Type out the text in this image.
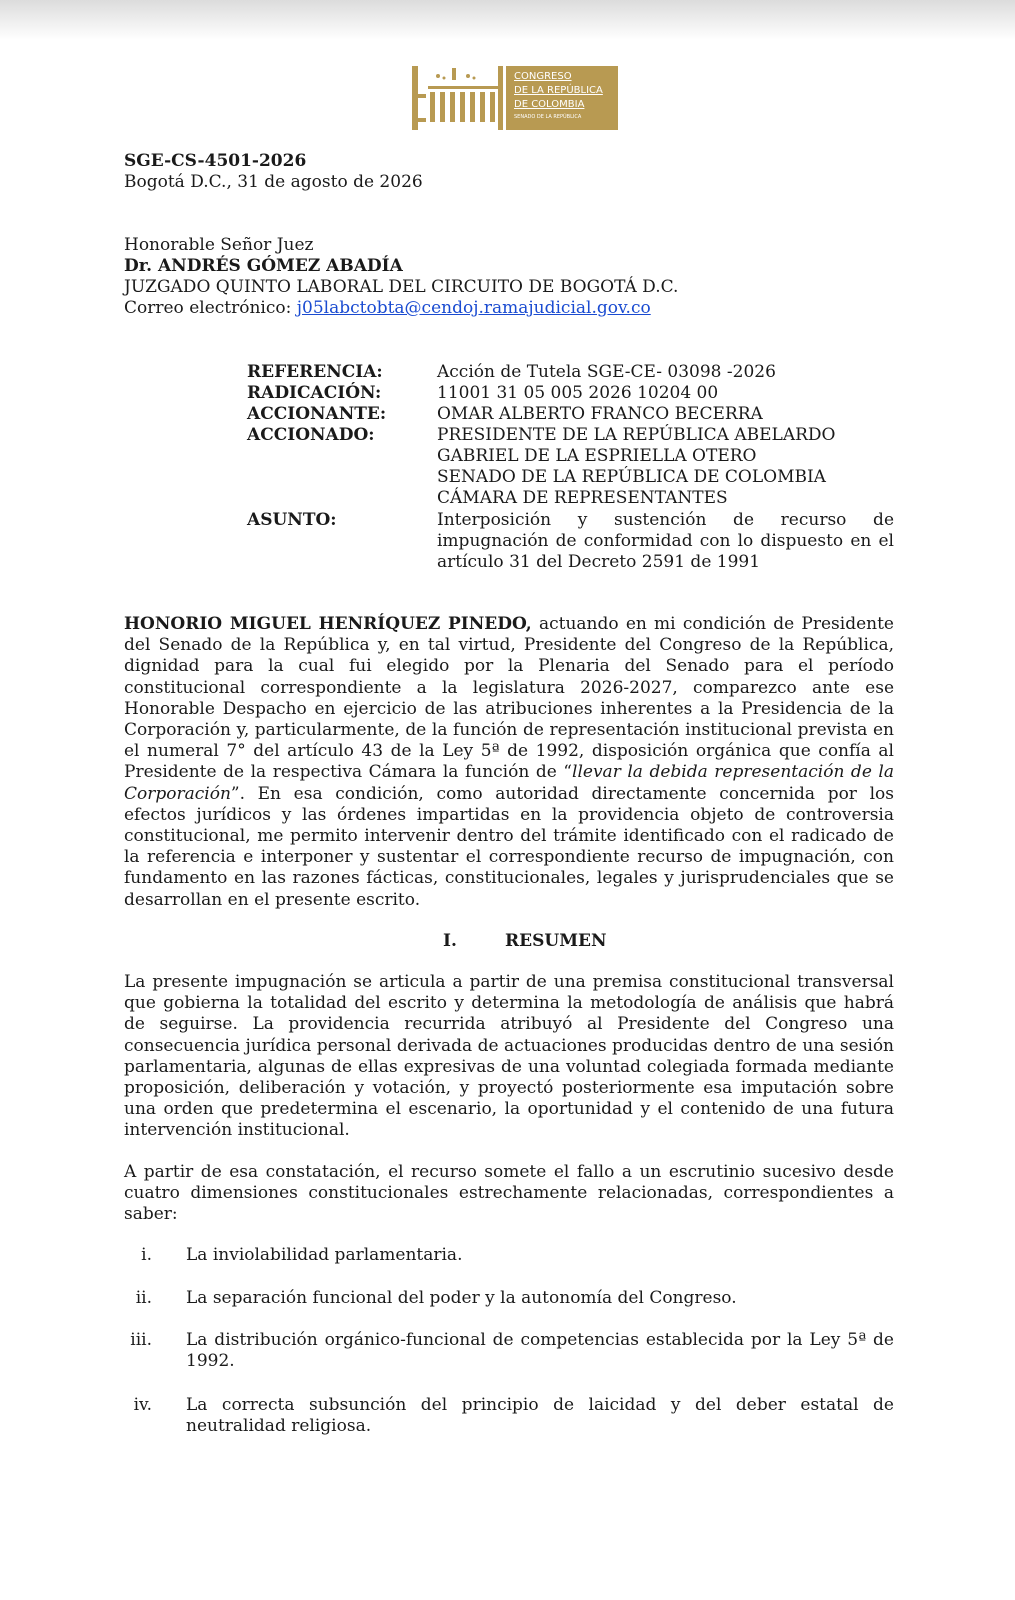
CONGRESO
DE LA REPÚBLICA
DE COLOMBIA
SENADO DE LA REPÚBLICA
SGE-CS-4501-2026
Bogotá D.C., 31 de agosto de 2026
Honorable Señor Juez
Dr. ANDRÉS GÓMEZ ABADÍA
JUZGADO QUINTO LABORAL DEL CIRCUITO DE BOGOTÁ D.C.
Correo electrónico: j05labctobta@cendoj.ramajudicial.gov.co
REFERENCIA:	Acción de Tutela SGE-CE- 03098 -2026
RADICACIÓN:	11001 31 05 005 2026 10204 00
ACCIONANTE:	OMAR ALBERTO FRANCO BECERRA
ACCIONADO:	PRESIDENTE DE LA REPÚBLICA ABELARDO
GABRIEL DE LA ESPRIELLA OTERO
SENADO DE LA REPÚBLICA DE COLOMBIA
CÁMARA DE REPRESENTANTES
ASUNTO:	Interposición y sustención de recurso de impugnación de conformidad con lo dispuesto en el artículo 31 del Decreto 2591 de 1991
HONORIO MIGUEL HENRÍQUEZ PINEDO, actuando en mi condición de Presidente del Senado de la República y, en tal virtud, Presidente del Congreso de la República, dignidad para la cual fui elegido por la Plenaria del Senado para el período constitucional correspondiente a la legislatura 2026-2027, comparezco ante ese Honorable Despacho en ejercicio de las atribuciones inherentes a la Presidencia de la Corporación y, particularmente, de la función de representación institucional prevista en el numeral 7° del artículo 43 de la Ley 5ª de 1992, disposición orgánica que confía al Presidente de la respectiva Cámara la función de “llevar la debida representación de la Corporación”. En esa condición, como autoridad directamente concernida por los efectos jurídicos y las órdenes impartidas en la providencia objeto de controversia constitucional, me permito intervenir dentro del trámite identificado con el radicado de la referencia e interponer y sustentar el correspondiente recurso de impugnación, con fundamento en las razones fácticas, constitucionales, legales y jurisprudenciales que se desarrollan en el presente escrito.
I.	RESUMEN
La presente impugnación se articula a partir de una premisa constitucional transversal que gobierna la totalidad del escrito y determina la metodología de análisis que habrá de seguirse. La providencia recurrida atribuyó al Presidente del Congreso una consecuencia jurídica personal derivada de actuaciones producidas dentro de una sesión parlamentaria, algunas de ellas expresivas de una voluntad colegiada formada mediante proposición, deliberación y votación, y proyectó posteriormente esa imputación sobre una orden que predetermina el escenario, la oportunidad y el contenido de una futura intervención institucional.
A partir de esa constatación, el recurso somete el fallo a un escrutinio sucesivo desde cuatro dimensiones constitucionales estrechamente relacionadas, correspondientes a saber:
i. La inviolabilidad parlamentaria.
ii. La separación funcional del poder y la autonomía del Congreso.
iii. La distribución orgánico-funcional de competencias establecida por la Ley 5ª de 1992.
iv. La correcta subsunción del principio de laicidad y del deber estatal de neutralidad religiosa.
